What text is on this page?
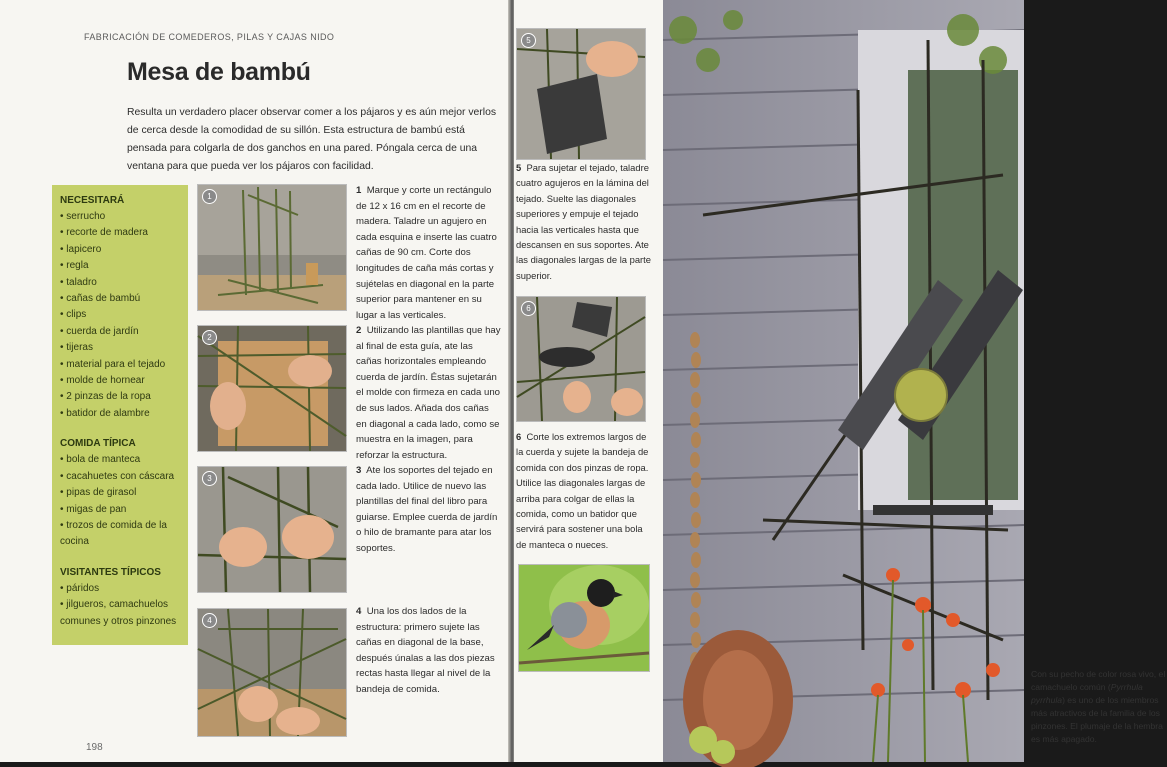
FABRICACIÓN DE COMEDEROS, PILAS Y CAJAS NIDO
Mesa de bambú
Resulta un verdadero placer observar comer a los pájaros y es aún mejor verlos de cerca desde la comodidad de su sillón. Esta estructura de bambú está pensada para colgarla de dos ganchos en una pared. Póngala cerca de una ventana para que pueda ver los pájaros con facilidad.
NECESITARÁ
• serrucho
• recorte de madera
• lapicero
• regla
• taladro
• cañas de bambú
• clips
• cuerda de jardín
• tijeras
• material para el tejado
• molde de hornear
• 2 pinzas de la ropa
• batidor de alambre
COMIDA TÍPICA
• bola de manteca
• cacahuetes con cáscara
• pipas de girasol
• migas de pan
• trozos de comida de la cocina
VISITANTES TÍPICOS
• páridos
• jilgueros, camachuelos comunes y otros pinzones
1
2
3
4
1 Marque y corte un rectángulo de 12 x 16 cm en el recorte de madera. Taladre un agujero en cada esquina e inserte las cuatro cañas de 90 cm. Corte dos longitudes de caña más cortas y sujételas en diagonal en la parte superior para mantener en su lugar a las verticales.
2 Utilizando las plantillas que hay al final de esta guía, ate las cañas horizontales empleando cuerda de jardín. Éstas sujetarán el molde con firmeza en cada uno de sus lados. Añada dos cañas en diagonal a cada lado, como se muestra en la imagen, para reforzar la estructura.
3 Ate los soportes del tejado en cada lado. Utilice de nuevo las plantillas del final del libro para guiarse. Emplee cuerda de jardín o hilo de bramante para atar los soportes.
4 Una los dos lados de la estructura: primero sujete las cañas en diagonal de la base, después únalas a las dos piezas rectas hasta llegar al nivel de la bandeja de comida.
198
5
5 Para sujetar el tejado, taladre cuatro agujeros en la lámina del tejado. Suelte las diagonales superiores y empuje el tejado hacia las verticales hasta que descansen en sus soportes. Ate las diagonales largas de la parte superior.
6
6 Corte los extremos largos de la cuerda y sujete la bandeja de comida con dos pinzas de ropa. Utilice las diagonales largas de arriba para colgar de ellas la comida, como un batidor que servirá para sostener una bola de manteca o nueces.
Con su pecho de color rosa vivo, el camachuelo común (Pyrrhula pyrrhula) es uno de los miembros más atractivos de la familia de los pinzones. El plumaje de la hembra es más apagado.
